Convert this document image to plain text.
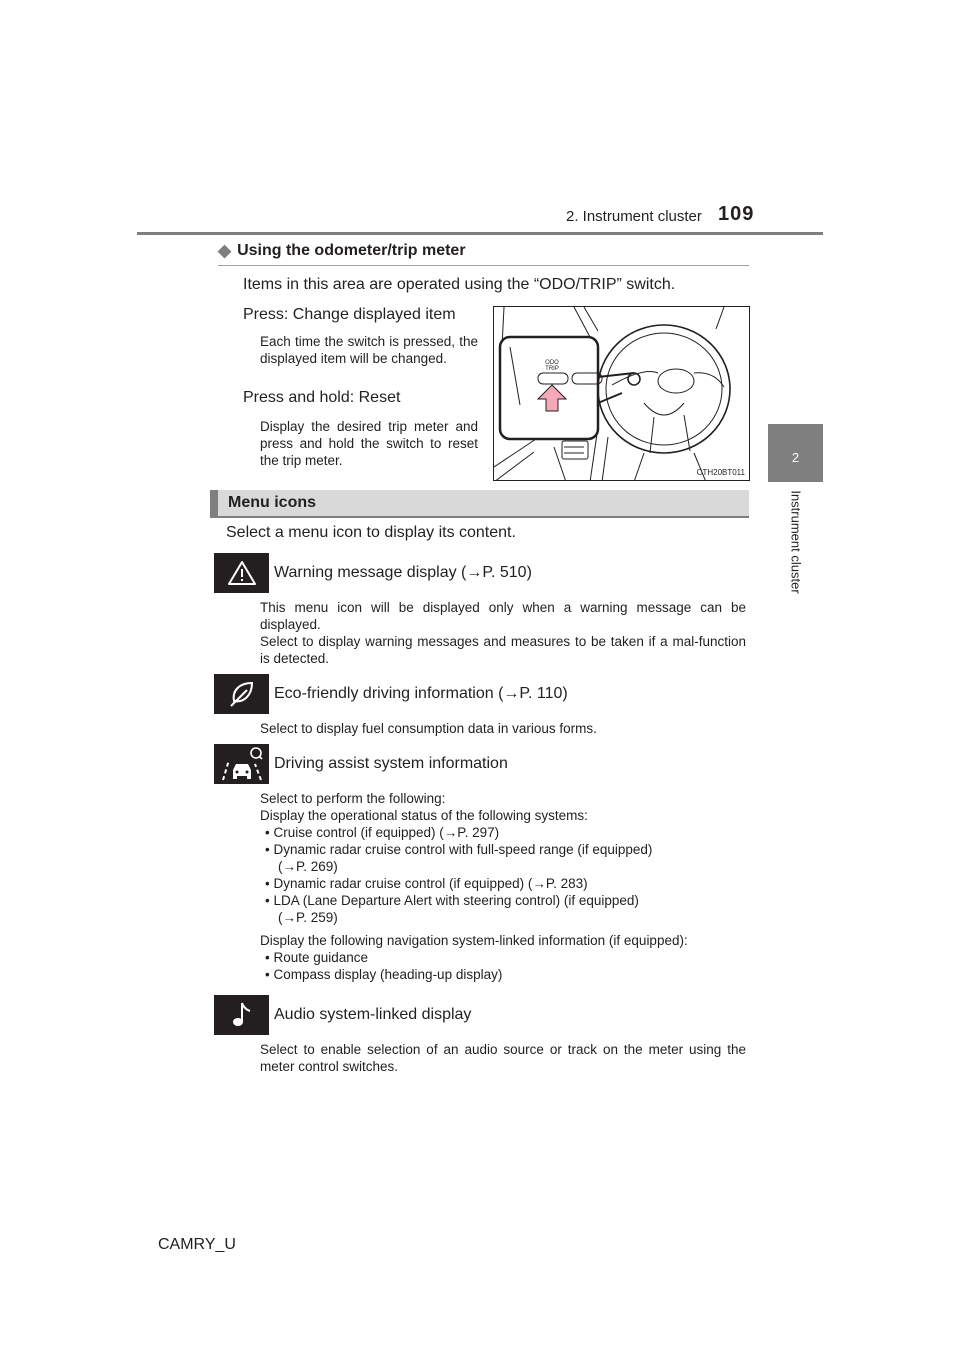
2. Instrument cluster 109
2
Instrument cluster
◆ Using the odometer/trip meter
Items in this area are operated using the “ODO/TRIP” switch.
Press: Change displayed item
Each time the switch is pressed, the displayed item will be changed.
Press and hold: Reset
Display the desired trip meter and press and hold the switch to reset the trip meter.
ODO
TRIP
CTH20BT011
Menu icons
Select a menu icon to display its content.
Warning message display (→P. 510)
This menu icon will be displayed only when a warning message can be displayed.
Select to display warning messages and measures to be taken if a mal-function is detected.
Eco-friendly driving information (→P. 110)
Select to display fuel consumption data in various forms.
Driving assist system information
Select to perform the following:
Display the operational status of the following systems:
• Cruise control (if equipped) (→P. 297)
• Dynamic radar cruise control with full-speed range (if equipped)
(→P. 269)
• Dynamic radar cruise control (if equipped) (→P. 283)
• LDA (Lane Departure Alert with steering control) (if equipped)
(→P. 259)
Display the following navigation system-linked information (if equipped):
• Route guidance
• Compass display (heading-up display)
Audio system-linked display
Select to enable selection of an audio source or track on the meter using the meter control switches.
CAMRY_U
